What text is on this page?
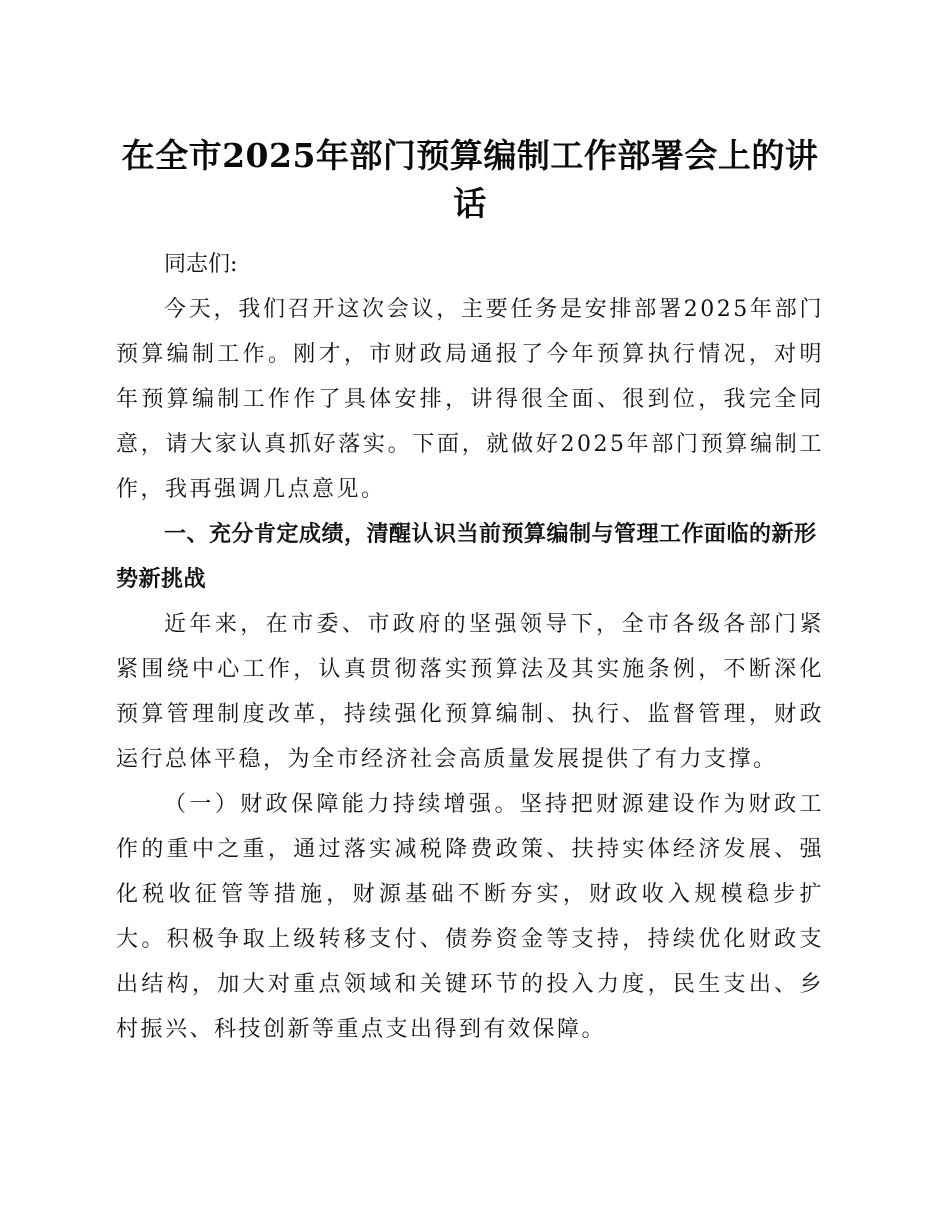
在全市2025年部门预算编制工作部署会上的讲话

同志们:

今天，我们召开这次会议，主要任务是安排部署2025年部门预算编制工作。刚才，市财政局通报了今年预算执行情况，对明年预算编制工作作了具体安排，讲得很全面、很到位，我完全同意，请大家认真抓好落实。下面，就做好2025年部门预算编制工作，我再强调几点意见。

一、充分肯定成绩，清醒认识当前预算编制与管理工作面临的新形势新挑战

近年来，在市委、市政府的坚强领导下，全市各级各部门紧紧围绕中心工作，认真贯彻落实预算法及其实施条例，不断深化预算管理制度改革，持续强化预算编制、执行、监督管理，财政运行总体平稳，为全市经济社会高质量发展提供了有力支撑。

（一）财政保障能力持续增强。坚持把财源建设作为财政工作的重中之重，通过落实减税降费政策、扶持实体经济发展、强化税收征管等措施，财源基础不断夯实，财政收入规模稳步扩大。积极争取上级转移支付、债券资金等支持，持续优化财政支出结构，加大对重点领域和关键环节的投入力度，民生支出、乡村振兴、科技创新等重点支出得到有效保障。
